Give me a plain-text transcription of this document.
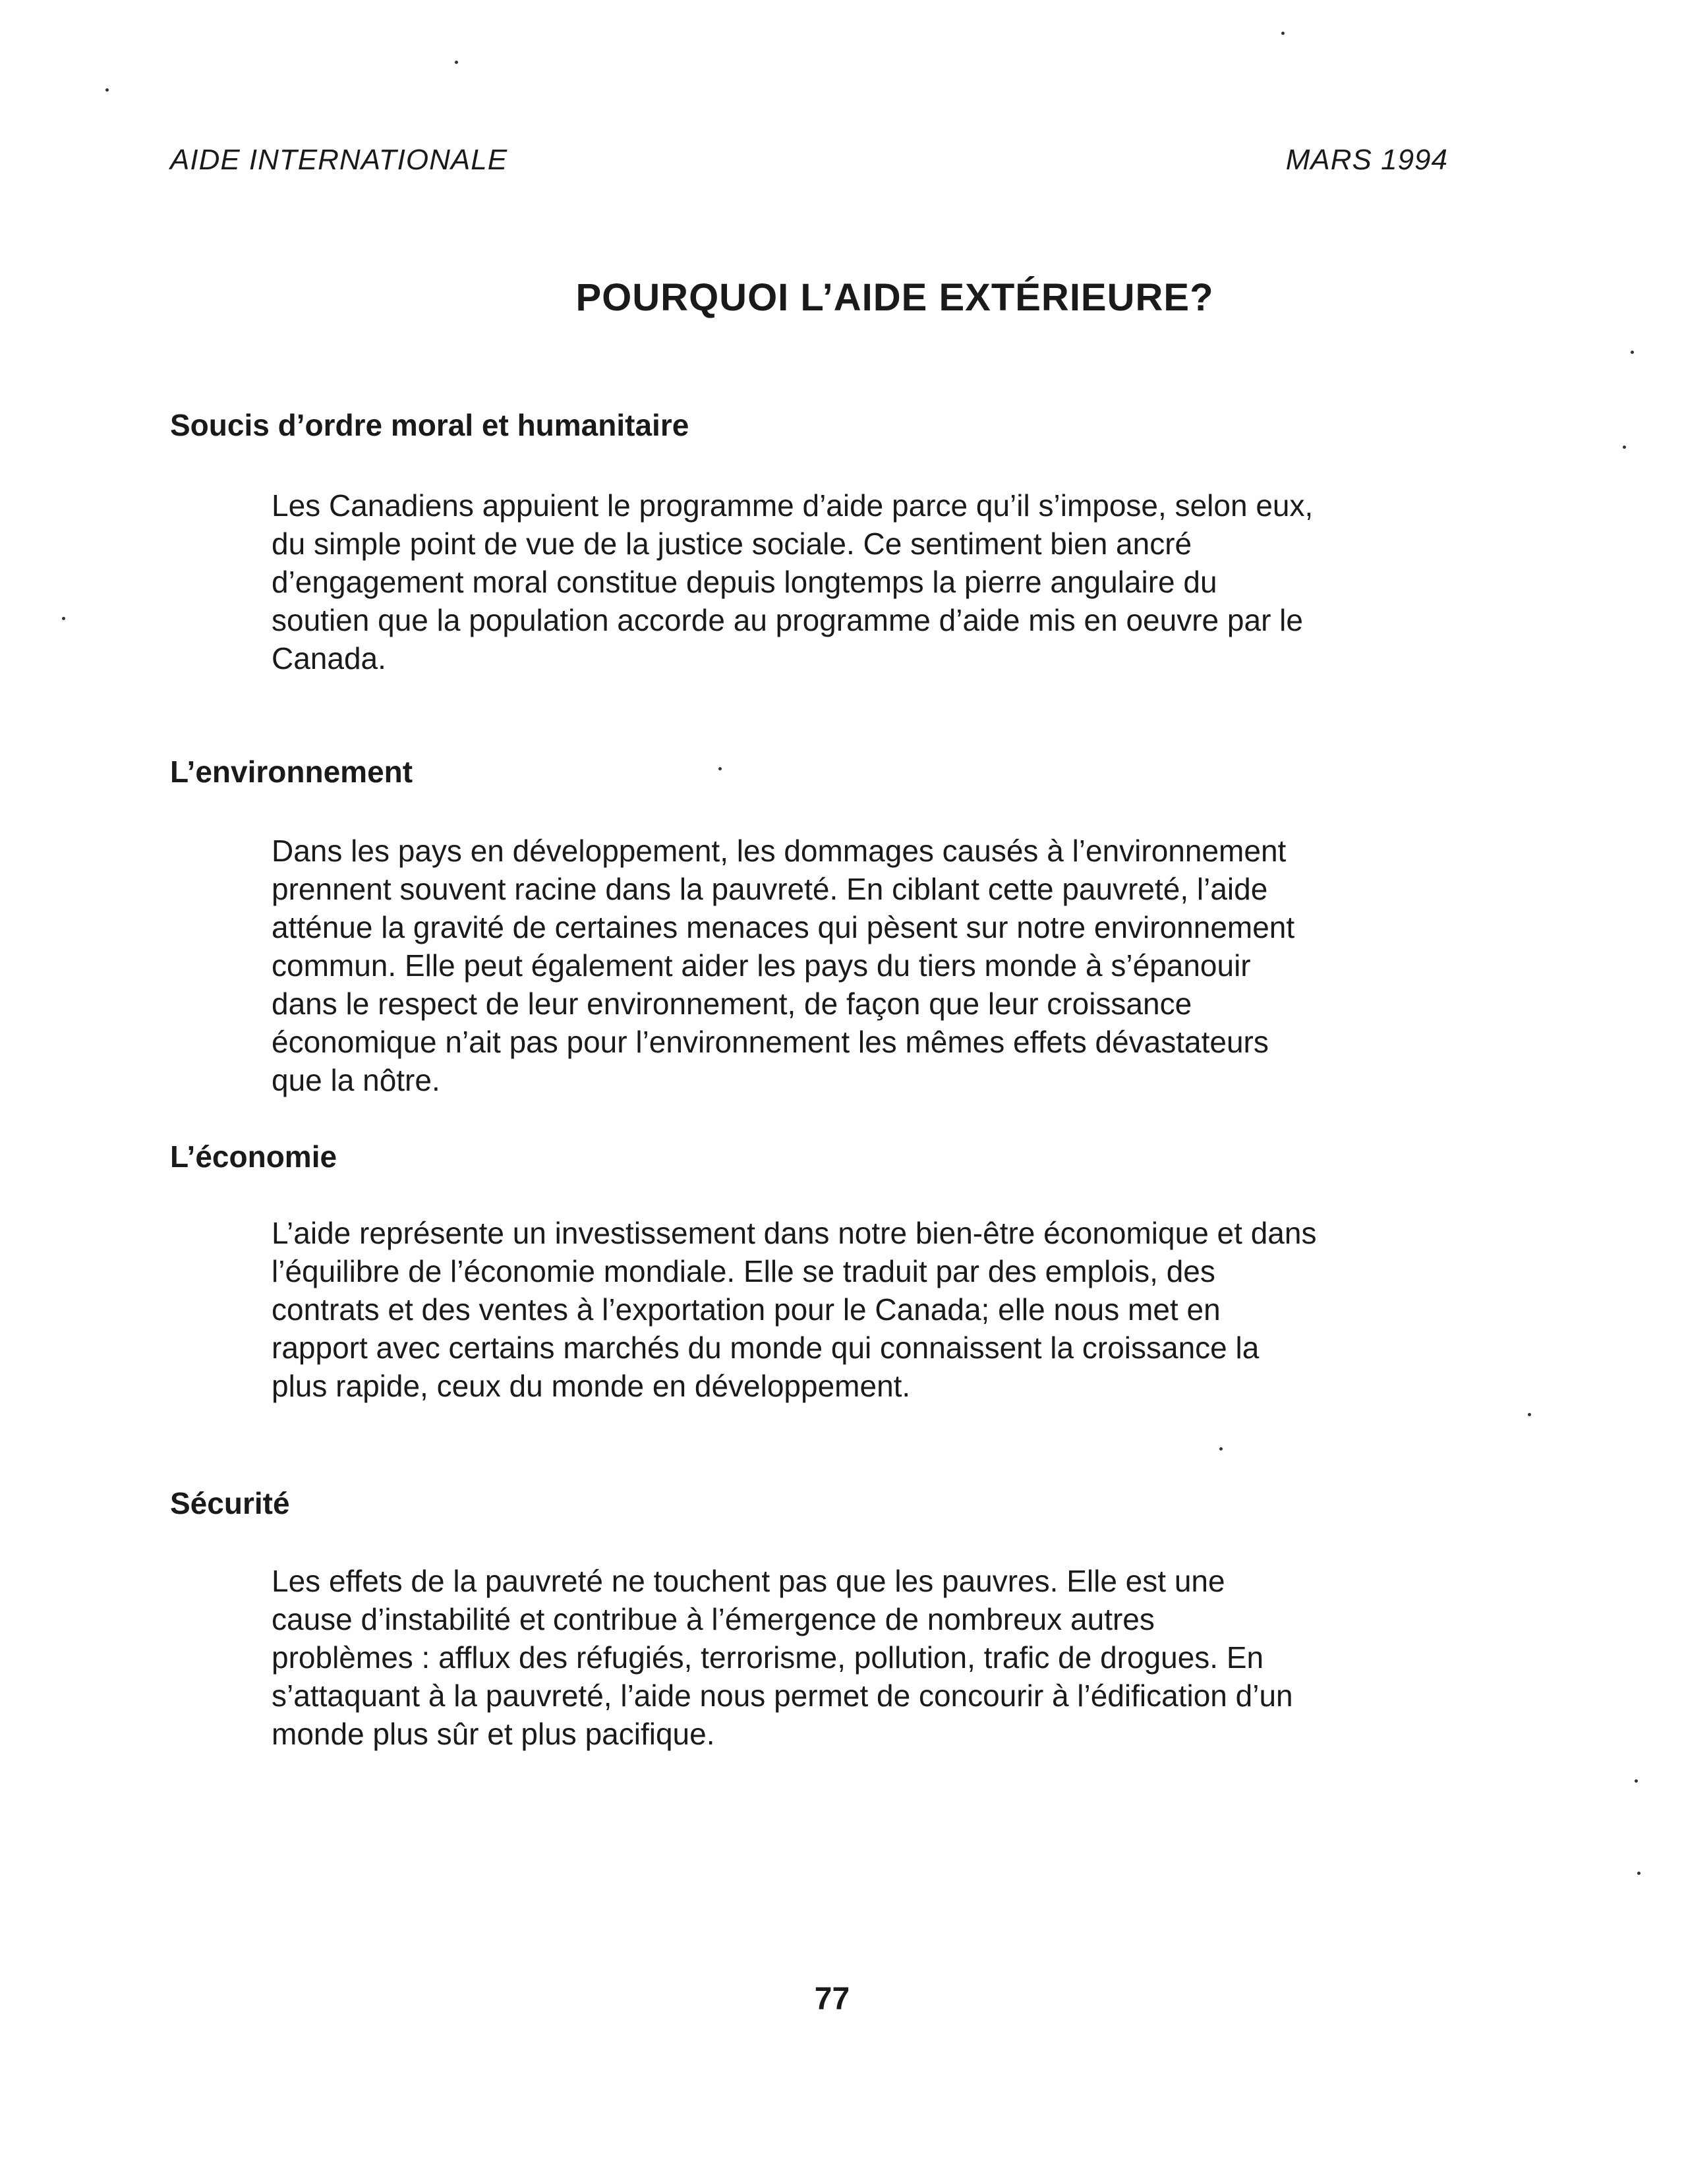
AIDE INTERNATIONALE	MARS 1994
POURQUOI L’AIDE EXTÉRIEURE?
Soucis d’ordre moral et humanitaire
Les Canadiens appuient le programme d’aide parce qu’il s’impose, selon eux,
du simple point de vue de la justice sociale. Ce sentiment bien ancré
d’engagement moral constitue depuis longtemps la pierre angulaire du
soutien que la population accorde au programme d’aide mis en oeuvre par le
Canada.
L’environnement
Dans les pays en développement, les dommages causés à l’environnement
prennent souvent racine dans la pauvreté. En ciblant cette pauvreté, l’aide
atténue la gravité de certaines menaces qui pèsent sur notre environnement
commun. Elle peut également aider les pays du tiers monde à s’épanouir
dans le respect de leur environnement, de façon que leur croissance
économique n’ait pas pour l’environnement les mêmes effets dévastateurs
que la nôtre.
L’économie
L’aide représente un investissement dans notre bien-être économique et dans
l’équilibre de l’économie mondiale. Elle se traduit par des emplois, des
contrats et des ventes à l’exportation pour le Canada; elle nous met en
rapport avec certains marchés du monde qui connaissent la croissance la
plus rapide, ceux du monde en développement.
Sécurité
Les effets de la pauvreté ne touchent pas que les pauvres. Elle est une
cause d’instabilité et contribue à l’émergence de nombreux autres
problèmes : afflux des réfugiés, terrorisme, pollution, trafic de drogues. En
s’attaquant à la pauvreté, l’aide nous permet de concourir à l’édification d’un
monde plus sûr et plus pacifique.
77
